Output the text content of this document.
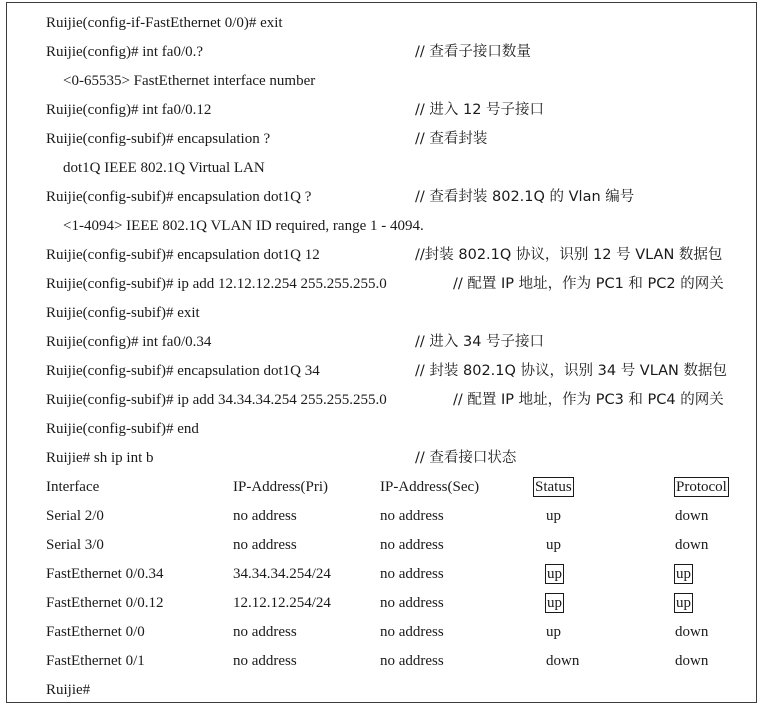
Ruijie(config-if-FastEthernet 0/0)# exit
Ruijie(config)# int fa0/0.?	// 查看子接口数量
<0-65535> FastEthernet interface number
Ruijie(config)# int fa0/0.12	// 进入 12 号子接口
Ruijie(config-subif)# encapsulation ?	// 查看封装
dot1Q IEEE 802.1Q Virtual LAN
Ruijie(config-subif)# encapsulation dot1Q ?	// 查看封装 802.1Q 的 Vlan 编号
<1-4094> IEEE 802.1Q VLAN ID required, range 1 - 4094.
Ruijie(config-subif)# encapsulation dot1Q 12	//封装 802.1Q 协议，识别 12 号 VLAN 数据包
Ruijie(config-subif)# ip add 12.12.12.254 255.255.255.0	// 配置 IP 地址，作为 PC1 和 PC2 的网关
Ruijie(config-subif)# exit
Ruijie(config)# int fa0/0.34	// 进入 34 号子接口
Ruijie(config-subif)# encapsulation dot1Q 34	// 封装 802.1Q 协议，识别 34 号 VLAN 数据包
Ruijie(config-subif)# ip add 34.34.34.254 255.255.255.0	// 配置 IP 地址，作为 PC3 和 PC4 的网关
Ruijie(config-subif)# end
Ruijie# sh ip int b	// 查看接口状态
Interface	IP-Address(Pri)	IP-Address(Sec)	Status	Protocol
Serial 2/0	no address	no address	up	down
Serial 3/0	no address	no address	up	down
FastEthernet 0/0.34	34.34.34.254/24	no address	up	up
FastEthernet 0/0.12	12.12.12.254/24	no address	up	up
FastEthernet 0/0	no address	no address	up	down
FastEthernet 0/1	no address	no address	down	down
Ruijie#
